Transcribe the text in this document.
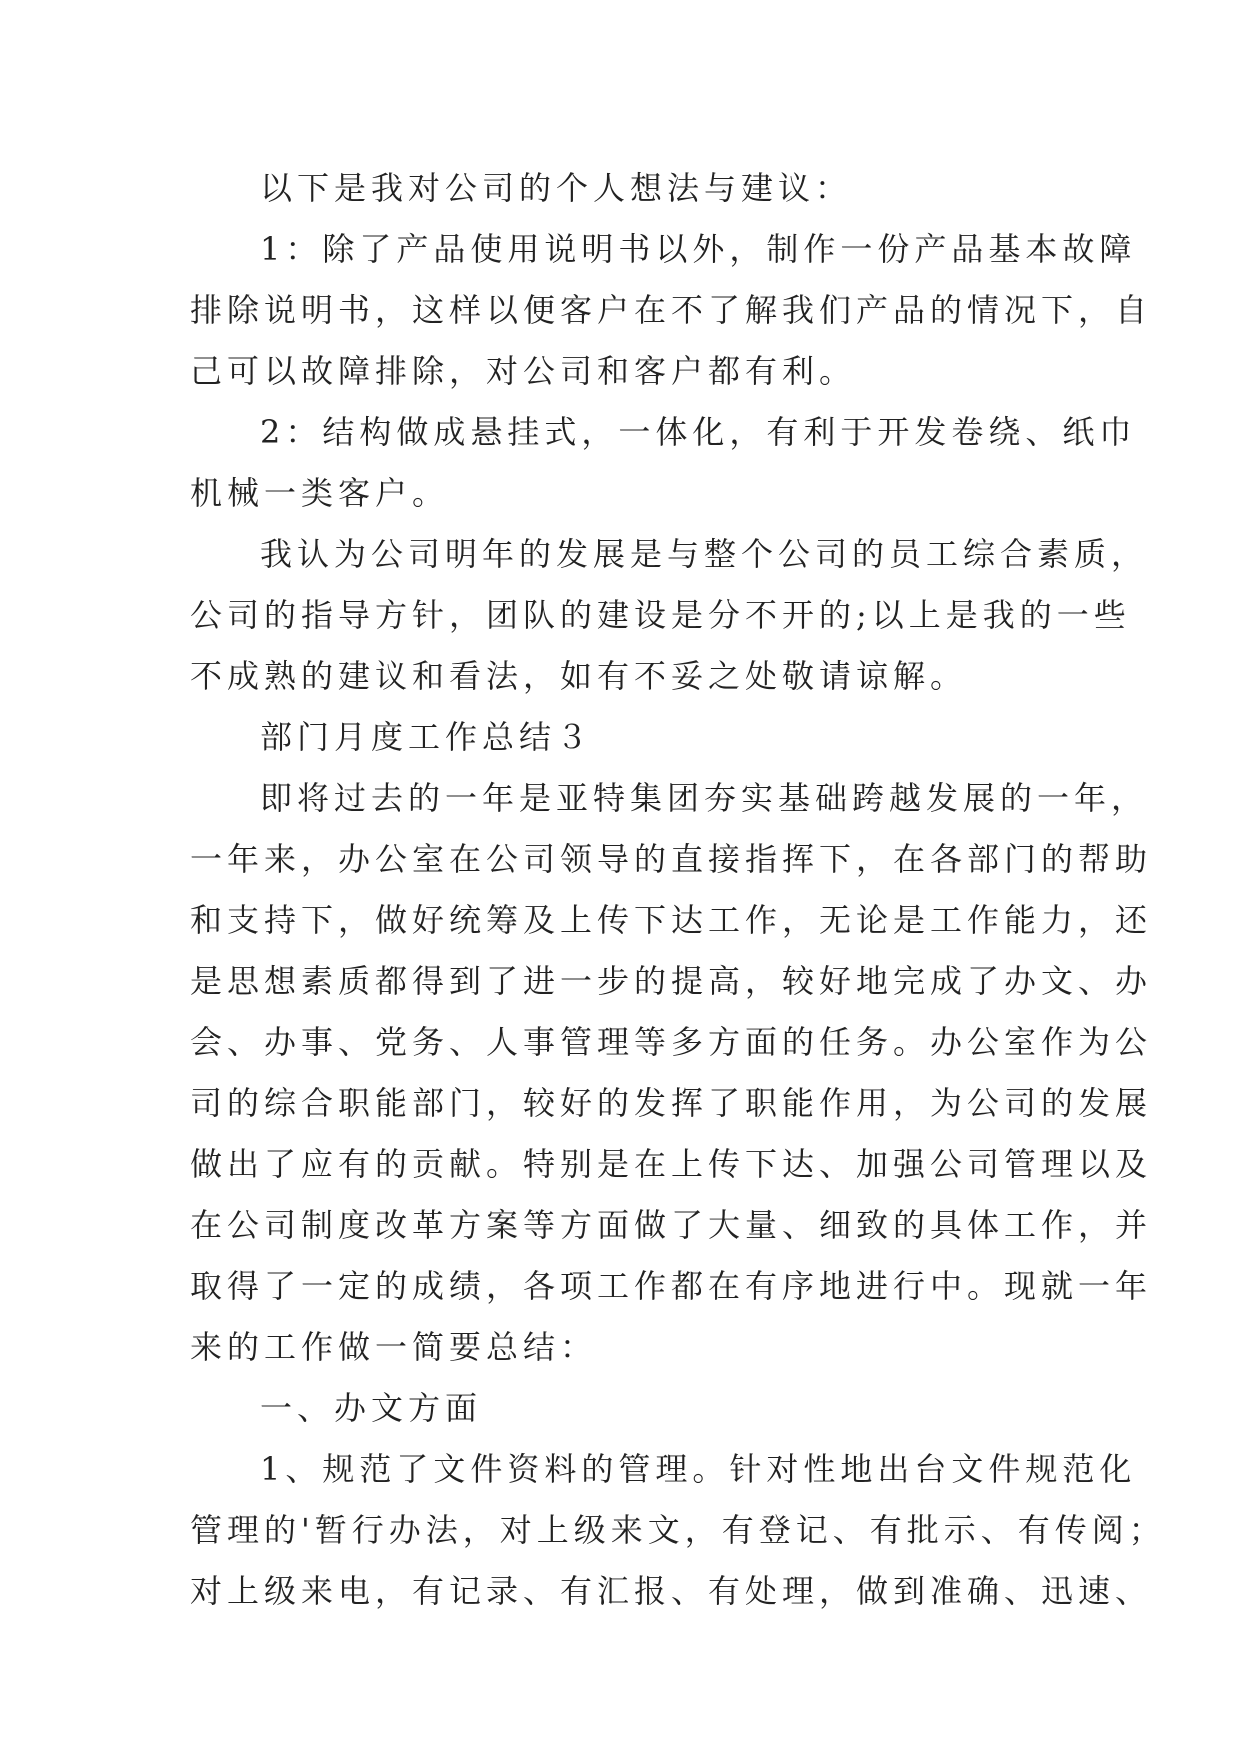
以下是我对公司的个人想法与建议：
1：除了产品使用说明书以外，制作一份产品基本故障
排除说明书，这样以便客户在不了解我们产品的情况下，自
己可以故障排除，对公司和客户都有利。
2：结构做成悬挂式，一体化，有利于开发卷绕、纸巾
机械一类客户。
我认为公司明年的发展是与整个公司的员工综合素质，
公司的指导方针，团队的建设是分不开的;以上是我的一些
不成熟的建议和看法，如有不妥之处敬请谅解。
部门月度工作总结３
即将过去的一年是亚特集团夯实基础跨越发展的一年，
一年来，办公室在公司领导的直接指挥下，在各部门的帮助
和支持下，做好统筹及上传下达工作，无论是工作能力，还
是思想素质都得到了进一步的提高，较好地完成了办文、办
会、办事、党务、人事管理等多方面的任务。办公室作为公
司的综合职能部门，较好的发挥了职能作用，为公司的发展
做出了应有的贡献。特别是在上传下达、加强公司管理以及
在公司制度改革方案等方面做了大量、细致的具体工作，并
取得了一定的成绩，各项工作都在有序地进行中。现就一年
来的工作做一简要总结：
一、办文方面
1、规范了文件资料的管理。针对性地出台文件规范化
管理的'暂行办法，对上级来文，有登记、有批示、有传阅；
对上级来电，有记录、有汇报、有处理，做到准确、迅速、
